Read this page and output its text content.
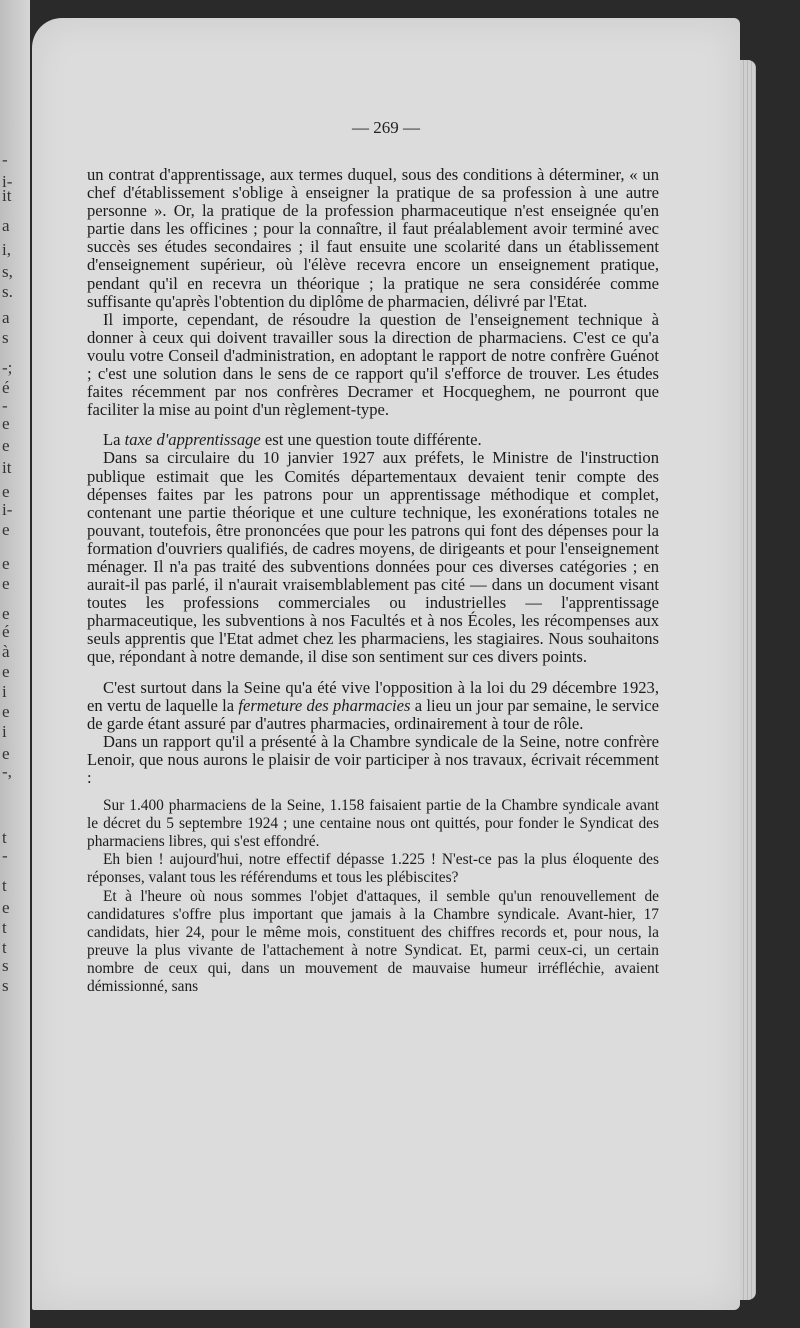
-
i-
it
a
i,
s,
s.
a
s
-;
é
-
e
e
it
e
i-
e
e
e
e
é
à
e
i
e
i
e
-,
t
-
t
e
t
t
s
s
— 269 —

un contrat d'apprentissage, aux termes duquel, sous des conditions à déterminer, « un chef d'établissement s'oblige à enseigner la pratique de sa profession à une autre personne ». Or, la pratique de la profession pharmaceutique n'est enseignée qu'en partie dans les officines ; pour la connaître, il faut préalablement avoir terminé avec succès ses études secondaires ; il faut ensuite une scolarité dans un établissement d'enseignement supérieur, où l'élève recevra encore un enseignement pratique, pendant qu'il en recevra un théorique ; la pratique ne sera considérée comme suffisante qu'après l'obtention du diplôme de pharmacien, délivré par l'Etat.

Il importe, cependant, de résoudre la question de l'enseignement technique à donner à ceux qui doivent travailler sous la direction de pharmaciens. C'est ce qu'a voulu votre Conseil d'administration, en adoptant le rapport de notre confrère Guénot ; c'est une solution dans le sens de ce rapport qu'il s'efforce de trouver. Les études faites récemment par nos confrères Decramer et Hocqueghem, ne pourront que faciliter la mise au point d'un règlement-type.

La taxe d'apprentissage est une question toute différente.

Dans sa circulaire du 10 janvier 1927 aux préfets, le Ministre de l'instruction publique estimait que les Comités départementaux devaient tenir compte des dépenses faites par les patrons pour un apprentissage méthodique et complet, contenant une partie théorique et une culture technique, les exonérations totales ne pouvant, toutefois, être prononcées que pour les patrons qui font des dépenses pour la formation d'ouvriers qualifiés, de cadres moyens, de dirigeants et pour l'enseignement ménager. Il n'a pas traité des subventions données pour ces diverses catégories ; en aurait-il pas parlé, il n'aurait vraisemblablement pas cité — dans un document visant toutes les professions commerciales ou industrielles — l'apprentissage pharmaceutique, les subventions à nos Facultés et à nos Écoles, les récompenses aux seuls apprentis que l'Etat admet chez les pharmaciens, les stagiaires. Nous souhaitons que, répondant à notre demande, il dise son sentiment sur ces divers points.

C'est surtout dans la Seine qu'a été vive l'opposition à la loi du 29 décembre 1923, en vertu de laquelle la fermeture des pharmacies a lieu un jour par semaine, le service de garde étant assuré par d'autres pharmacies, ordinairement à tour de rôle.

Dans un rapport qu'il a présenté à la Chambre syndicale de la Seine, notre confrère Lenoir, que nous aurons le plaisir de voir participer à nos travaux, écrivait récemment :

Sur 1.400 pharmaciens de la Seine, 1.158 faisaient partie de la Chambre syndicale avant le décret du 5 septembre 1924 ; une centaine nous ont quittés, pour fonder le Syndicat des pharmaciens libres, qui s'est effondré.

Eh bien ! aujourd'hui, notre effectif dépasse 1.225 ! N'est-ce pas la plus éloquente des réponses, valant tous les référendums et tous les plébiscites?

Et à l'heure où nous sommes l'objet d'attaques, il semble qu'un renouvellement de candidatures s'offre plus important que jamais à la Chambre syndicale. Avant-hier, 17 candidats, hier 24, pour le même mois, constituent des chiffres records et, pour nous, la preuve la plus vivante de l'attachement à notre Syndicat. Et, parmi ceux-ci, un certain nombre de ceux qui, dans un mouvement de mauvaise humeur irréfléchie, avaient démissionné, sans
